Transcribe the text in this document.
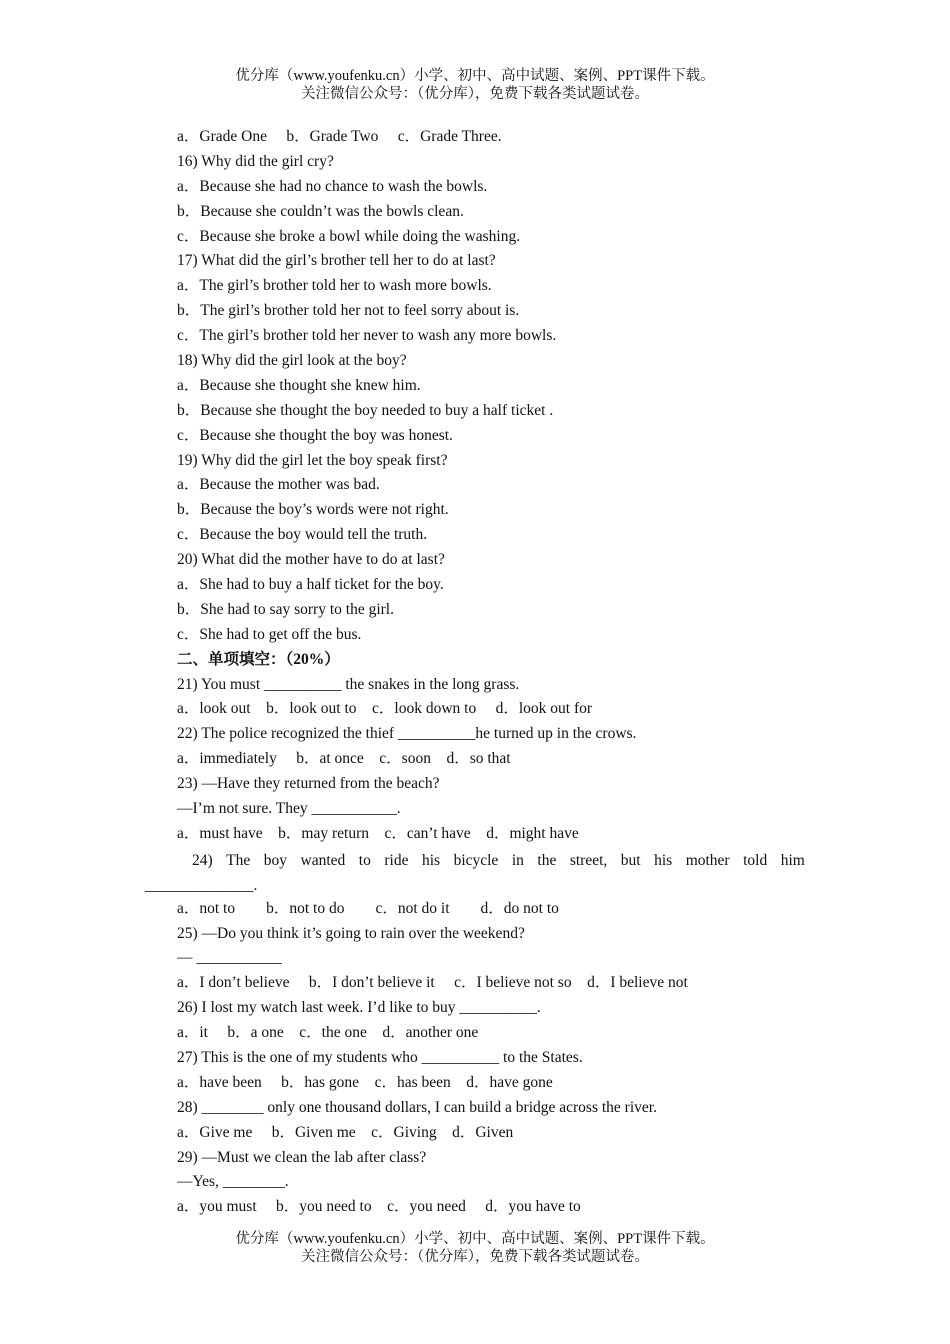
优分库（www.youfenku.cn）小学、初中、高中试题、案例、PPT课件下载。
关注微信公众号：（优分库），免费下载各类试题试卷。
a．Grade One　 b．Grade Two　 c．Grade Three.
16) Why did the girl cry?
a．Because she had no chance to wash the bowls.
b．Because she couldn’t was the bowls clean.
c．Because she broke a bowl while doing the washing.
17) What did the girl’s brother tell her to do at last?
a．The girl’s brother told her to wash more bowls.
b．The girl’s brother told her not to feel sorry about is.
c．The girl’s brother told her never to wash any more bowls.
18) Why did the girl look at the boy?
a．Because she thought she knew him.
b．Because she thought the boy needed to buy a half ticket .
c．Because she thought the boy was honest.
19) Why did the girl let the boy speak first?
a．Because the mother was bad.
b．Because the boy’s words were not right.
c．Because the boy would tell the truth.
20) What did the mother have to do at last?
a．She had to buy a half ticket for the boy.
b．She had to say sorry to the girl.
c．She had to get off the bus.
二、单项填空：（20%）
21) You must __________ the snakes in the long grass.
a．look out　b．look out to　c．look down to　 d．look out for
22) The police recognized the thief __________he turned up in the crows.
a．immediately　 b．at once　c．soon　d．so that
23) —Have they returned from the beach?
—I’m not sure. They ___________.
a．must have　b．may return　c．can’t have　d．might have
a．not to　　b．not to do　　c．not do it　　d．do not to
25) —Do you think it’s going to rain over the weekend?
— ___________
a．I don’t believe　 b．I don’t believe it　 c．I believe not so　d．I believe not
26) I lost my watch last week. I’d like to buy __________.
a．it　 b．a one　c．the one　d．another one
27) This is the one of my students who __________ to the States.
a．have been　 b．has gone　c．has been　d．have gone
28) ________ only one thousand dollars, I can build a bridge across the river.
a．Give me　 b．Given me　c．Giving　d．Given
29) —Must we clean the lab after class?
—Yes, ________.
a．you must　 b．you need to　c．you need　 d．you have to
24) The boy wanted to ride his bicycle in the street, but his mother told him
______________.
优分库（www.youfenku.cn）小学、初中、高中试题、案例、PPT课件下载。
关注微信公众号：（优分库），免费下载各类试题试卷。
